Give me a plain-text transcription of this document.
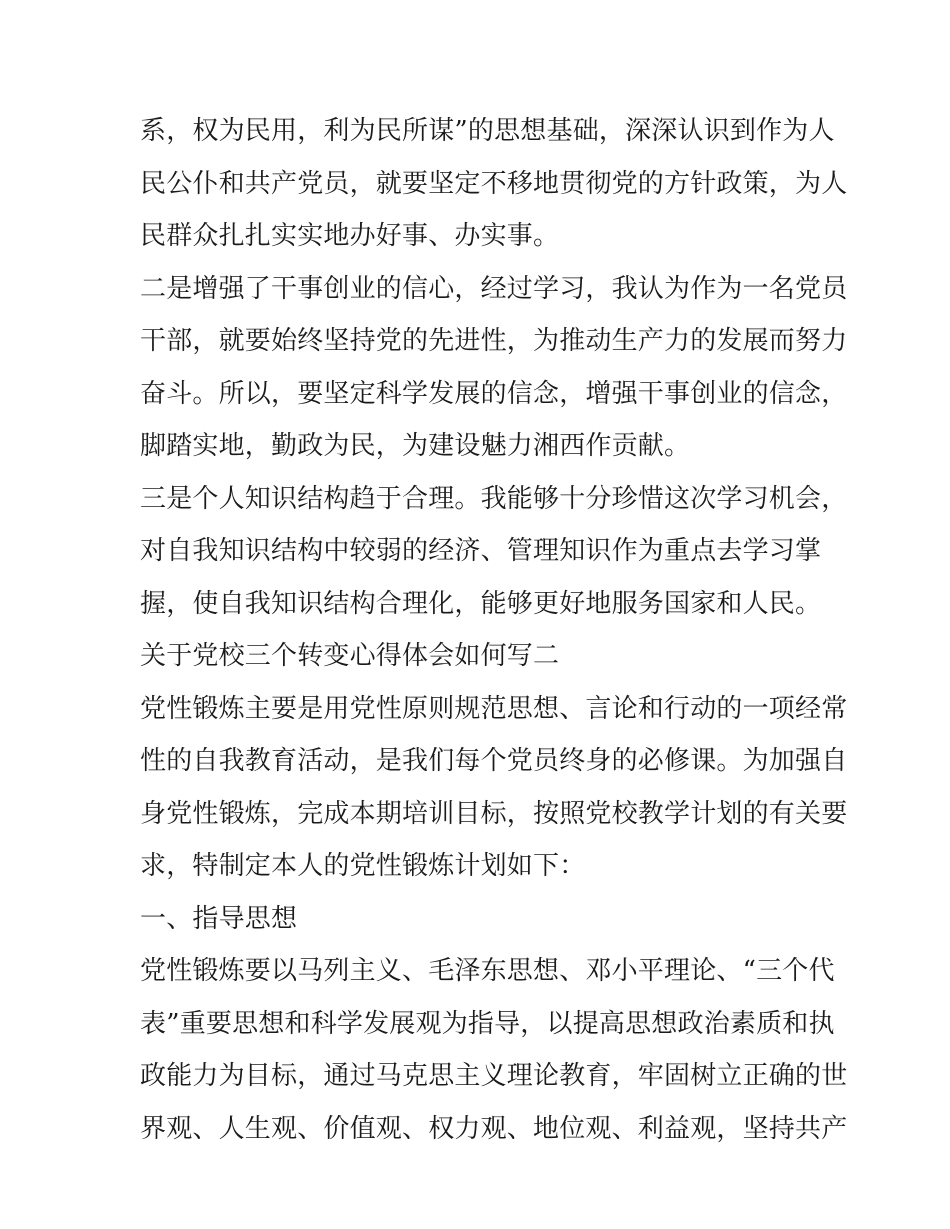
系，权为民用，利为民所谋”的思想基础，深深认识到作为人
民公仆和共产党员，就要坚定不移地贯彻党的方针政策，为人
民群众扎扎实实地办好事、办实事。
二是增强了干事创业的信心，经过学习，我认为作为一名党员
干部，就要始终坚持党的先进性，为推动生产力的发展而努力
奋斗。所以，要坚定科学发展的信念，增强干事创业的信念，
脚踏实地，勤政为民，为建设魅力湘西作贡献。
三是个人知识结构趋于合理。我能够十分珍惜这次学习机会，
对自我知识结构中较弱的经济、管理知识作为重点去学习掌
握，使自我知识结构合理化，能够更好地服务国家和人民。
关于党校三个转变心得体会如何写二
党性锻炼主要是用党性原则规范思想、言论和行动的一项经常
性的自我教育活动，是我们每个党员终身的必修课。为加强自
身党性锻炼，完成本期培训目标，按照党校教学计划的有关要
求，特制定本人的党性锻炼计划如下：
一、指导思想
党性锻炼要以马列主义、毛泽东思想、邓小平理论、“三个代
表”重要思想和科学发展观为指导，以提高思想政治素质和执
政能力为目标，通过马克思主义理论教育，牢固树立正确的世
界观、人生观、价值观、权力观、地位观、利益观，坚持共产
